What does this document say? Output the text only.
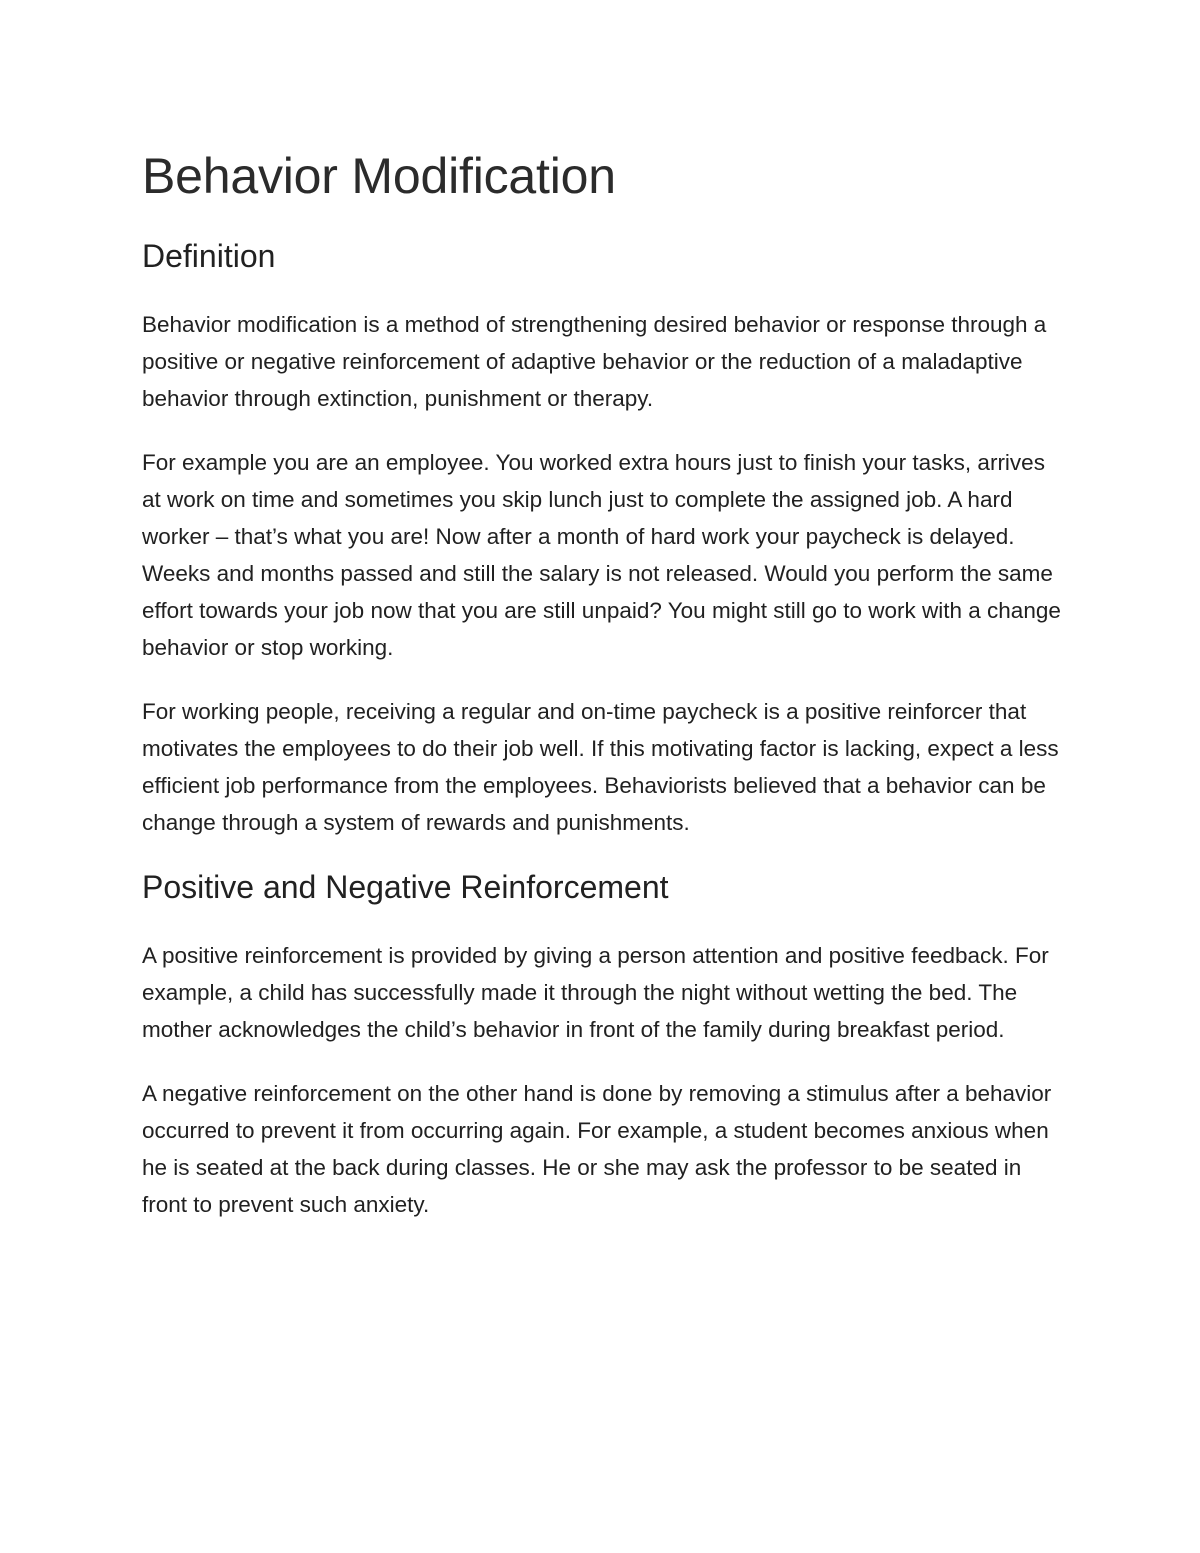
Behavior Modification
Definition

Behavior modification is a method of strengthening desired behavior or response through a positive or negative reinforcement of adaptive behavior or the reduction of a maladaptive behavior through extinction, punishment or therapy.

For example you are an employee. You worked extra hours just to finish your tasks, arrives at work on time and sometimes you skip lunch just to complete the assigned job. A hard worker – that’s what you are! Now after a month of hard work your paycheck is delayed. Weeks and months passed and still the salary is not released. Would you perform the same effort towards your job now that you are still unpaid? You might still go to work with a change behavior or stop working.

For working people, receiving a regular and on-time paycheck is a positive reinforcer that motivates the employees to do their job well. If this motivating factor is lacking, expect a less efficient job performance from the employees. Behaviorists believed that a behavior can be change through a system of rewards and punishments.

Positive and Negative Reinforcement

A positive reinforcement is provided by giving a person attention and positive feedback. For example, a child has successfully made it through the night without wetting the bed. The mother acknowledges the child’s behavior in front of the family during breakfast period.

A negative reinforcement on the other hand is done by removing a stimulus after a behavior occurred to prevent it from occurring again. For example, a student becomes anxious when he is seated at the back during classes. He or she may ask the professor to be seated in front to prevent such anxiety.
